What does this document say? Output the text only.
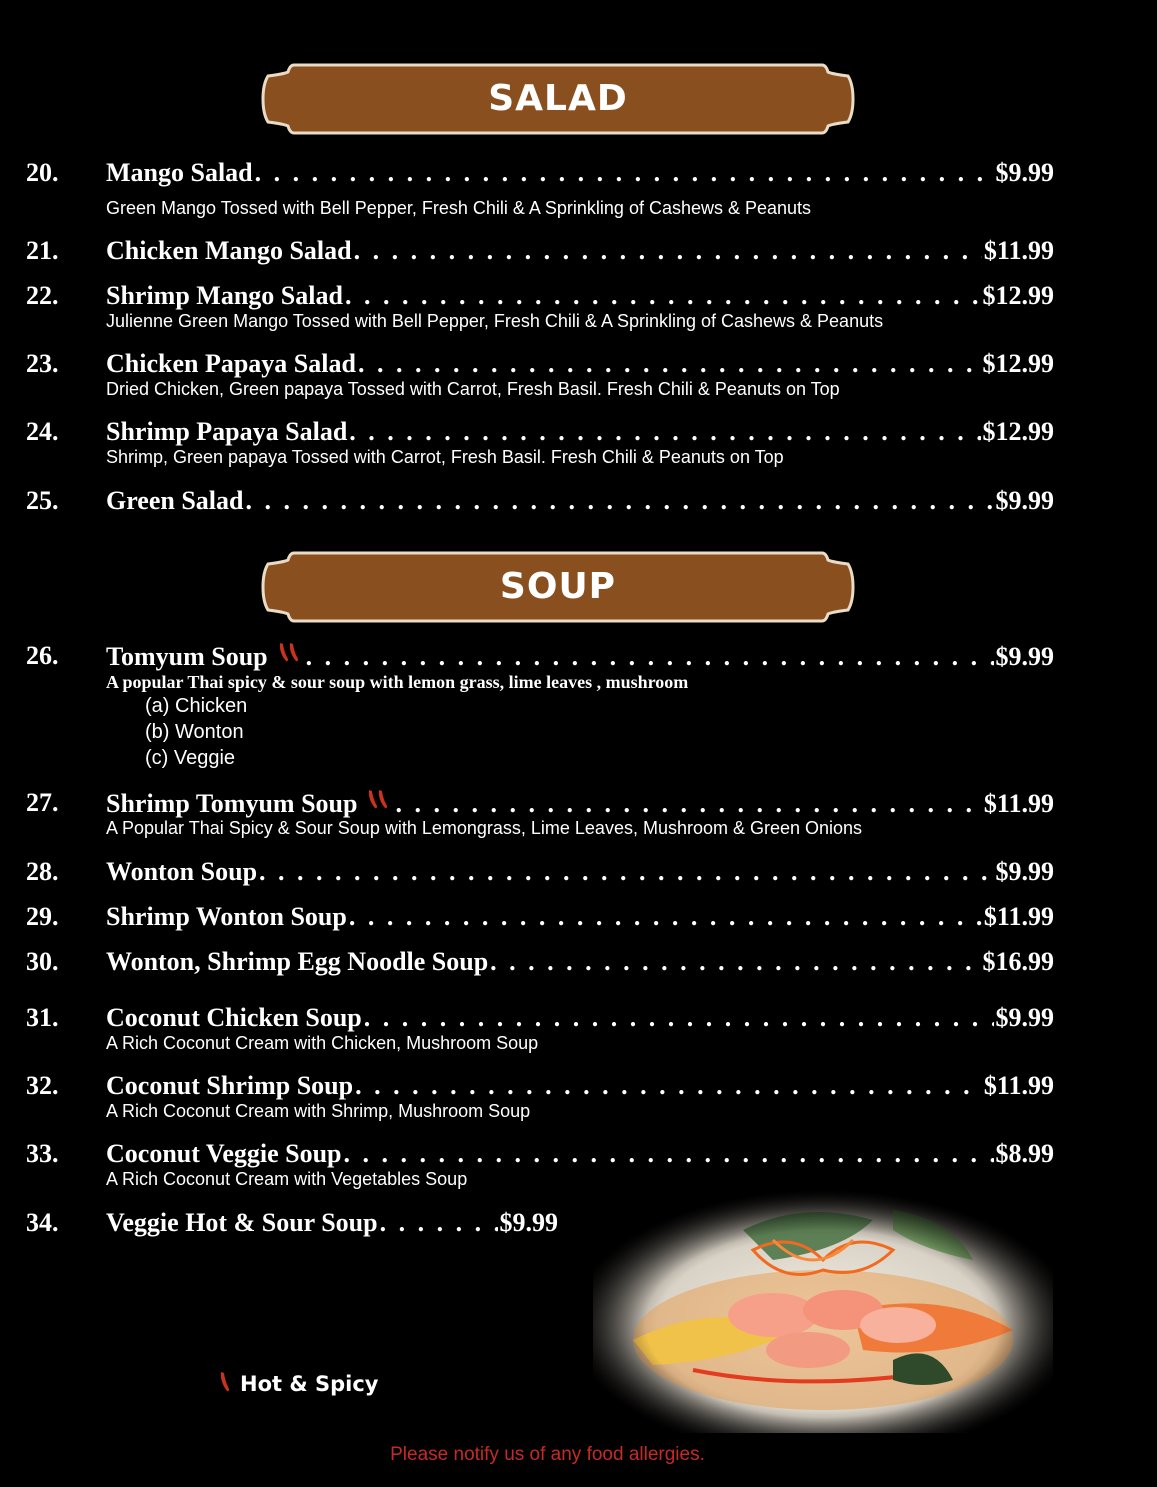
SALAD
SOUP
20. Mango Salad . . .	$9.99
Green Mango Tossed with Bell Pepper, Fresh Chili & A Sprinkling of Cashews & Peanuts
21. Chicken Mango Salad . . .	$11.99
22. Shrimp Mango Salad . . .	$12.99
Julienne Green Mango Tossed with Bell Pepper, Fresh Chili & A Sprinkling of Cashews & Peanuts
23. Chicken Papaya Salad . . .	$12.99
Dried Chicken, Green papaya Tossed with Carrot, Fresh Basil. Fresh Chili & Peanuts on Top
24. Shrimp Papaya Salad . . .	$12.99
Shrimp, Green papaya Tossed with Carrot, Fresh Basil. Fresh Chili & Peanuts on Top
25. Green Salad . . .	$9.99
26. Tomyum Soup . . .	$9.99
A popular Thai spicy & sour soup with lemon grass, lime leaves , mushroom
(a) Chicken
(b) Wonton
(c) Veggie
27. Shrimp Tomyum Soup . . .	$11.99
A Popular Thai Spicy & Sour Soup with Lemongrass, Lime Leaves, Mushroom & Green Onions
28. Wonton Soup . . .	$9.99
29. Shrimp Wonton Soup . . .	$11.99
30. Wonton, Shrimp Egg Noodle Soup . . .	$16.99
31. Coconut Chicken Soup . . .	$9.99
A Rich Coconut Cream with Chicken, Mushroom Soup
32. Coconut Shrimp Soup . . .	$11.99
A Rich Coconut Cream with Shrimp, Mushroom Soup
33. Coconut Veggie Soup . . .	$8.99
A Rich Coconut Cream with Vegetables Soup
34. Veggie Hot & Sour Soup . . .	$9.99
Hot & Spicy
Please notify us of any food allergies.
